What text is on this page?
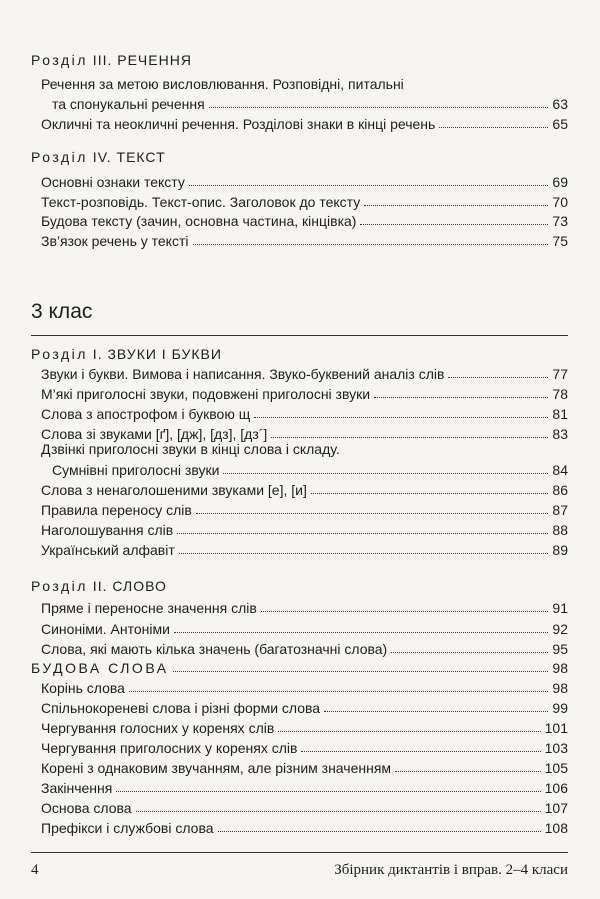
Розділ III. РЕЧЕННЯ
Речення за метою висловлювання. Розповідні, питальні
та спонукальні речення	63
Окличні та неокличні речення. Розділові знаки в кінці речень	65
Розділ IV. ТЕКСТ
Основні ознаки тексту	69
Текст-розповідь. Текст-опис. Заголовок до тексту	70
Будова тексту (зачин, основна частина, кінцівка)	73
Зв’язок речень у тексті	75
3 клас
Розділ I. ЗВУКИ І БУКВИ
Звуки і букви. Вимова і написання. Звуко-буквений аналіз слів	77
М’які приголосні звуки, подовжені приголосні звуки	78
Слова з апострофом і буквою щ	81
Слова зі звуками [ґ], [дж], [дз], [дз´]	83
Дзвінкі приголосні звуки в кінці слова і складу.
Сумнівні приголосні звуки	84
Слова з ненаголошеними звуками [е], [и]	86
Правила переносу слів	87
Наголошування слів	88
Український алфавіт	89
Розділ II. СЛОВО
Пряме і переносне значення слів	91
Синоніми. Антоніми	92
Слова, які мають кілька значень (багатозначні слова)	95
БУДОВА СЛОВА	98
Корінь слова	98
Спільнокореневі слова і різні форми слова	99
Чергування голосних у коренях слів	101
Чергування приголосних у коренях слів	103
Корені з однаковим звучанням, але різним значенням	105
Закінчення	106
Основа слова	107
Префікси і службові слова	108
4	Збірник диктантів і вправ. 2–4 класи
